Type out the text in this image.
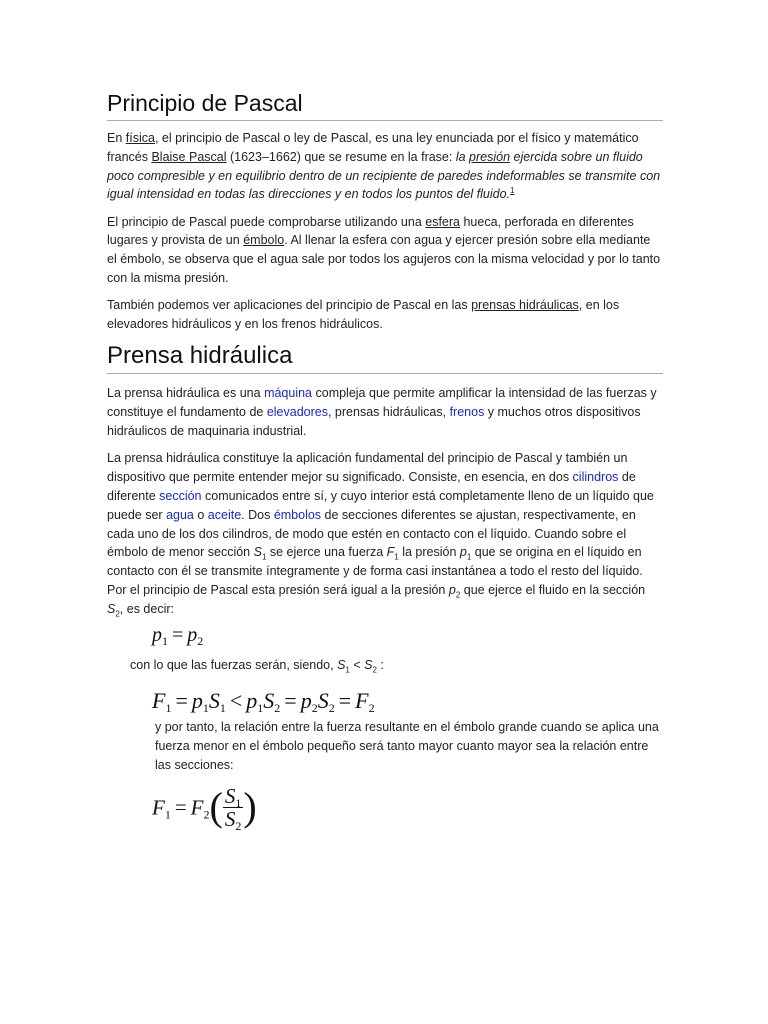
Principio de Pascal

En física, el principio de Pascal o ley de Pascal, es una ley enunciada por el físico y matemático francés Blaise Pascal (1623–1662) que se resume en la frase: la presión ejercida sobre un fluido poco compresible y en equilibrio dentro de un recipiente de paredes indeformables se transmite con igual intensidad en todas las direcciones y en todos los puntos del fluido.$^1$

El principio de Pascal puede comprobarse utilizando una esfera hueca, perforada en diferentes lugares y provista de un émbolo. Al llenar la esfera con agua y ejercer presión sobre ella mediante el émbolo, se observa que el agua sale por todos los agujeros con la misma velocidad y por lo tanto con la misma presión.

También podemos ver aplicaciones del principio de Pascal en las prensas hidráulicas, en los elevadores hidráulicos y en los frenos hidráulicos.

Prensa hidráulica

La prensa hidráulica es una máquina compleja que permite amplificar la intensidad de las fuerzas y constituye el fundamento de elevadores, prensas hidráulicas, frenos y muchos otros dispositivos hidráulicos de maquinaria industrial.

La prensa hidráulica constituye la aplicación fundamental del principio de Pascal y también un dispositivo que permite entender mejor su significado. Consiste, en esencia, en dos cilindros de diferente sección comunicados entre sí, y cuyo interior está completamente lleno de un líquido que puede ser agua o aceite. Dos émbolos de secciones diferentes se ajustan, respectivamente, en cada uno de los dos cilindros, de modo que estén en contacto con el líquido. Cuando sobre el émbolo de menor sección $S_1$ se ejerce una fuerza $F_1$ la presión $p_1$ que se origina en el líquido en contacto con él se transmite íntegramente y de forma casi instantánea a todo el resto del líquido. Por el principio de Pascal esta presión será igual a la presión $p_2$ que ejerce el fluido en la sección $S_2$, es decir:

$p_1 = p_2$
con lo que las fuerzas serán, siendo, $S_1 < S_2$ :
$F_1 = p_1S_1 < p_1S_2 = p_2S_2 = F_2$
y por tanto, la relación entre la fuerza resultante en el émbolo grande cuando se aplica una fuerza menor en el émbolo pequeño será tanto mayor cuanto mayor sea la relación entre las secciones:
$F_1 = F_2( \frac{S_1}{S_2}$ )
